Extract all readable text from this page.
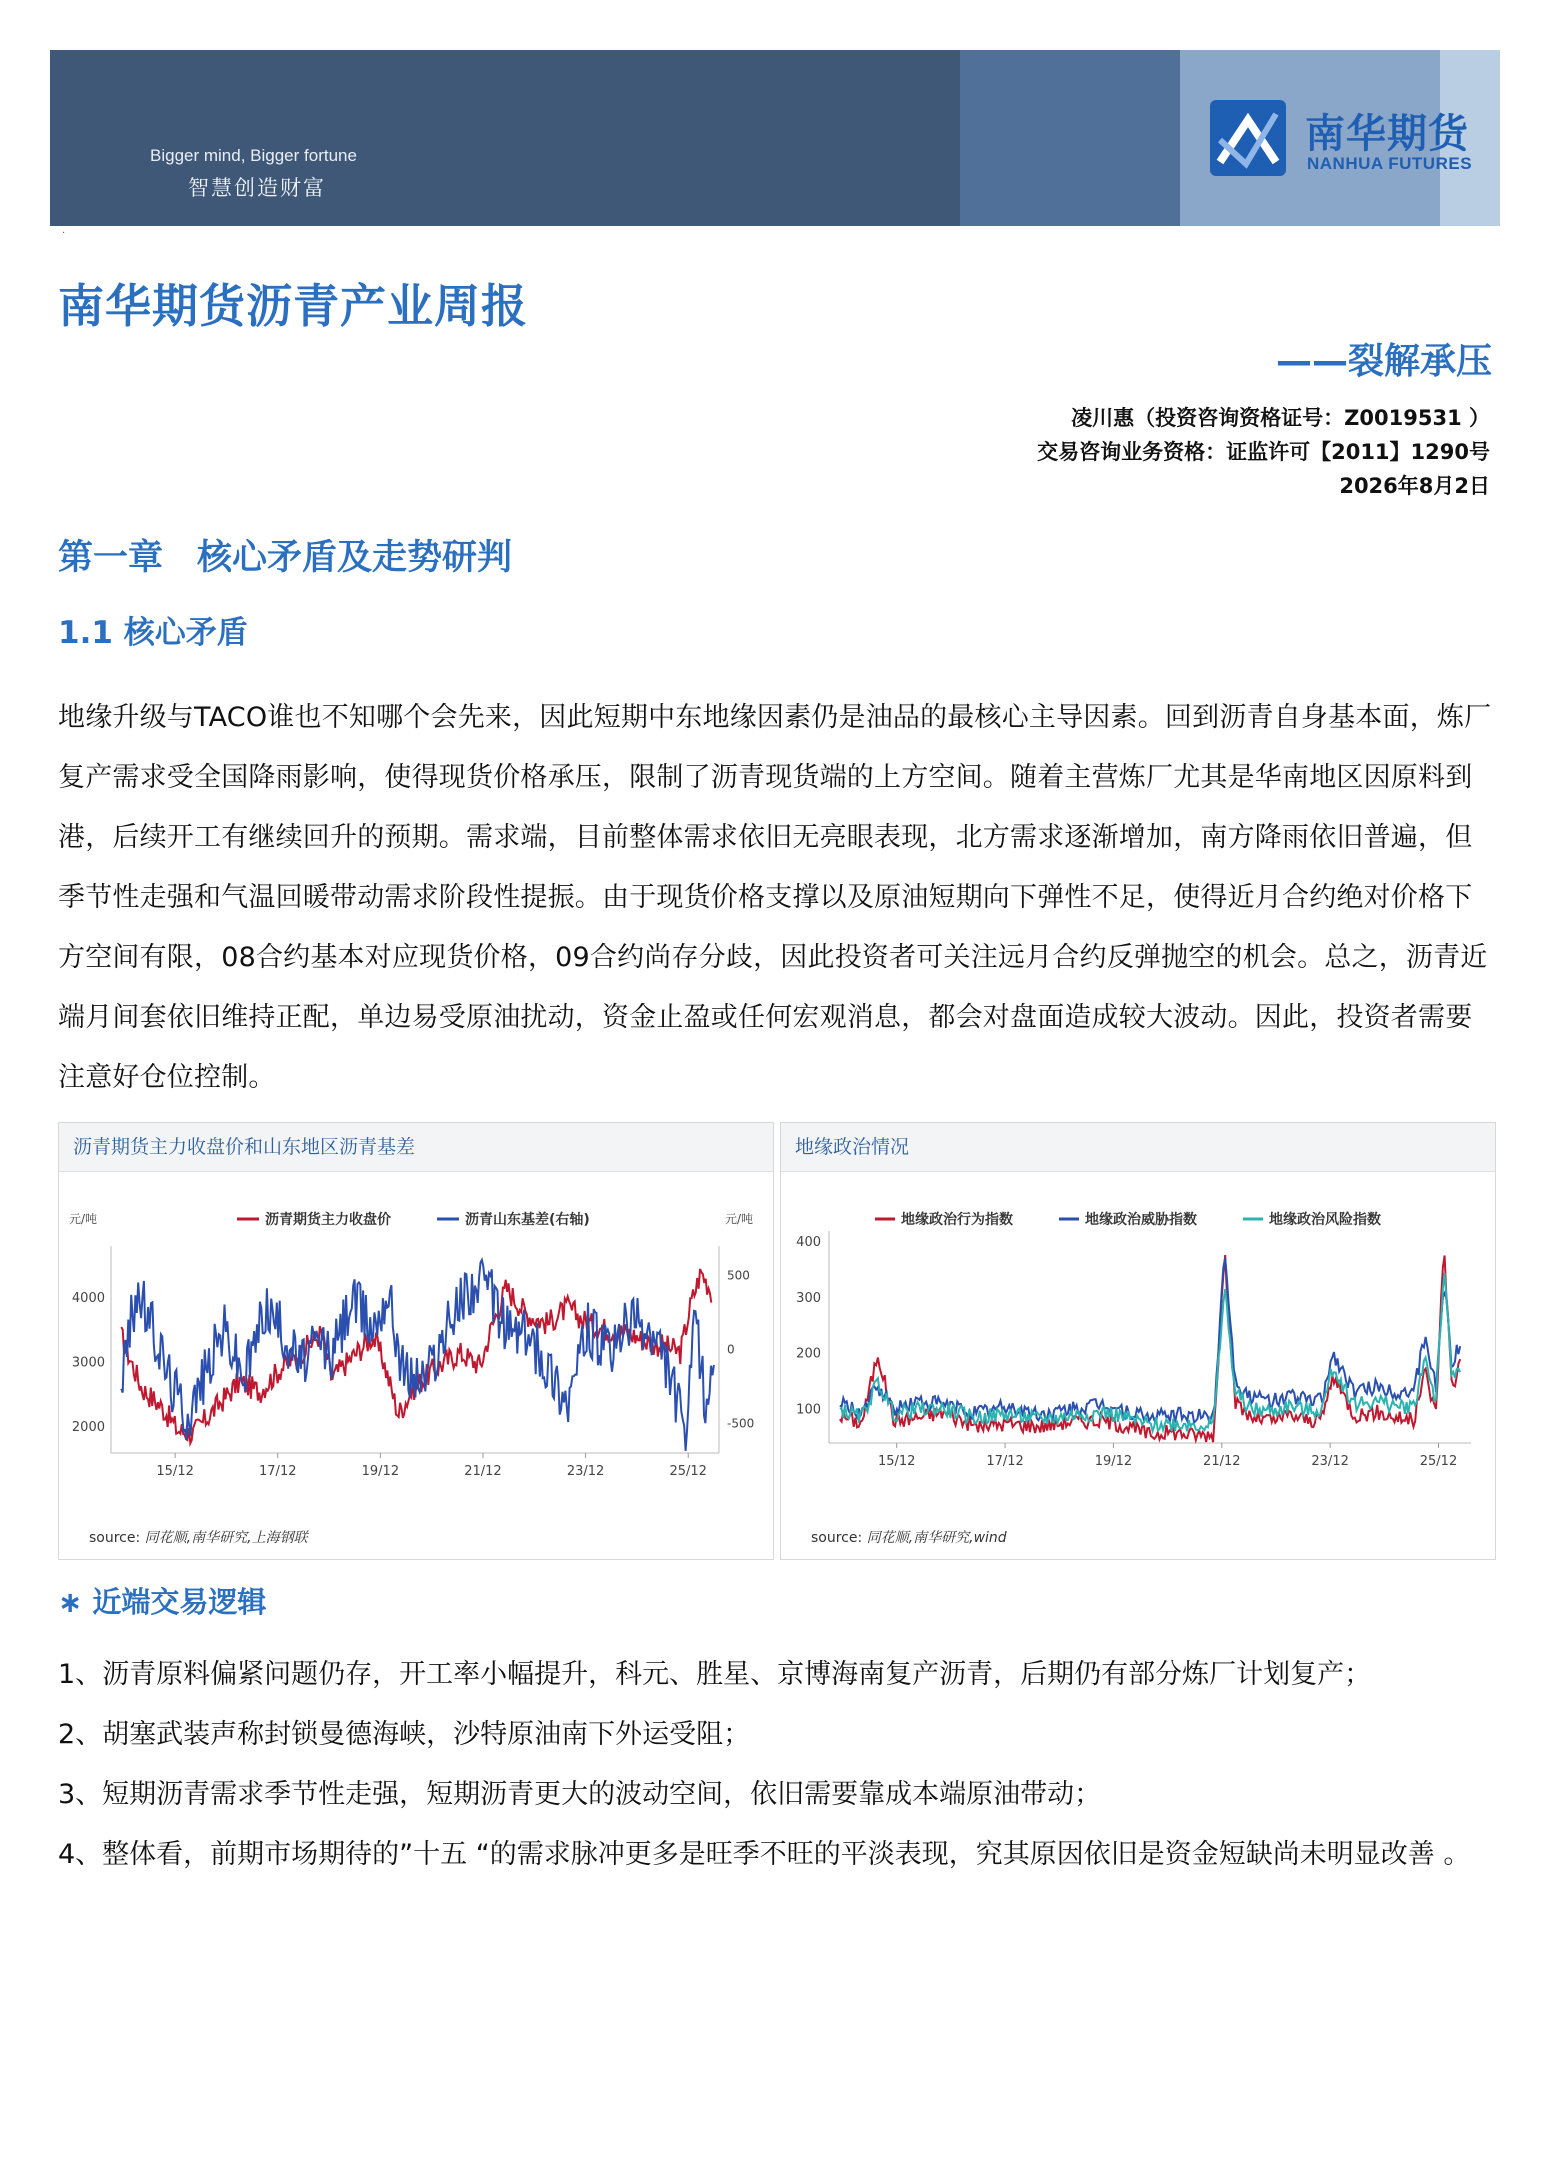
Bigger mind, Bigger fortune
智慧创造财富
南华期货
NANHUA FUTURES
·
南华期货沥青产业周报
——裂解承压
凌川惠（投资咨询资格证号：Z0019531 ）
交易咨询业务资格：证监许可【2011】1290号
2026年8月2日
第一章 核心矛盾及走势研判
1.1 核心矛盾
地缘升级与TACO谁也不知哪个会先来，因此短期中东地缘因素仍是油品的最核心主导因素。回到沥青自身基本面，炼厂复产需求受全国降雨影响，使得现货价格承压，限制了沥青现货端的上方空间。随着主营炼厂尤其是华南地区因原料到港，后续开工有继续回升的预期。需求端，目前整体需求依旧无亮眼表现，北方需求逐渐增加，南方降雨依旧普遍，但季节性走强和气温回暖带动需求阶段性提振。由于现货价格支撑以及原油短期向下弹性不足，使得近月合约绝对价格下方空间有限，08合约基本对应现货价格，09合约尚存分歧，因此投资者可关注远月合约反弹抛空的机会。总之，沥青近端月间套依旧维持正配，单边易受原油扰动，资金止盈或任何宏观消息，都会对盘面造成较大波动。因此，投资者需要注意好仓位控制。
沥青期货主力收盘价和山东地区沥青基差
元/吨	元/吨
4000
3000
2000
500
0
-500
15/12	17/12	19/12	21/12	23/12	25/12
沥青期货主力收盘价	沥青山东基差(右轴)
source: 同花顺,南华研究,上海钢联
地缘政治情况
400
300
200
100
15/12	17/12	19/12	21/12	23/12	25/12
地缘政治行为指数	地缘政治威胁指数	地缘政治风险指数
source: 同花顺,南华研究,wind
∗ 近端交易逻辑
1、沥青原料偏紧问题仍存，开工率小幅提升，科元、胜星、京博海南复产沥青，后期仍有部分炼厂计划复产；
2、胡塞武装声称封锁曼德海峡，沙特原油南下外运受阻；
3、短期沥青需求季节性走强，短期沥青更大的波动空间，依旧需要靠成本端原油带动；
4、整体看，前期市场期待的”十五 “的需求脉冲更多是旺季不旺的平淡表现，究其原因依旧是资金短缺尚未明显改善 。
